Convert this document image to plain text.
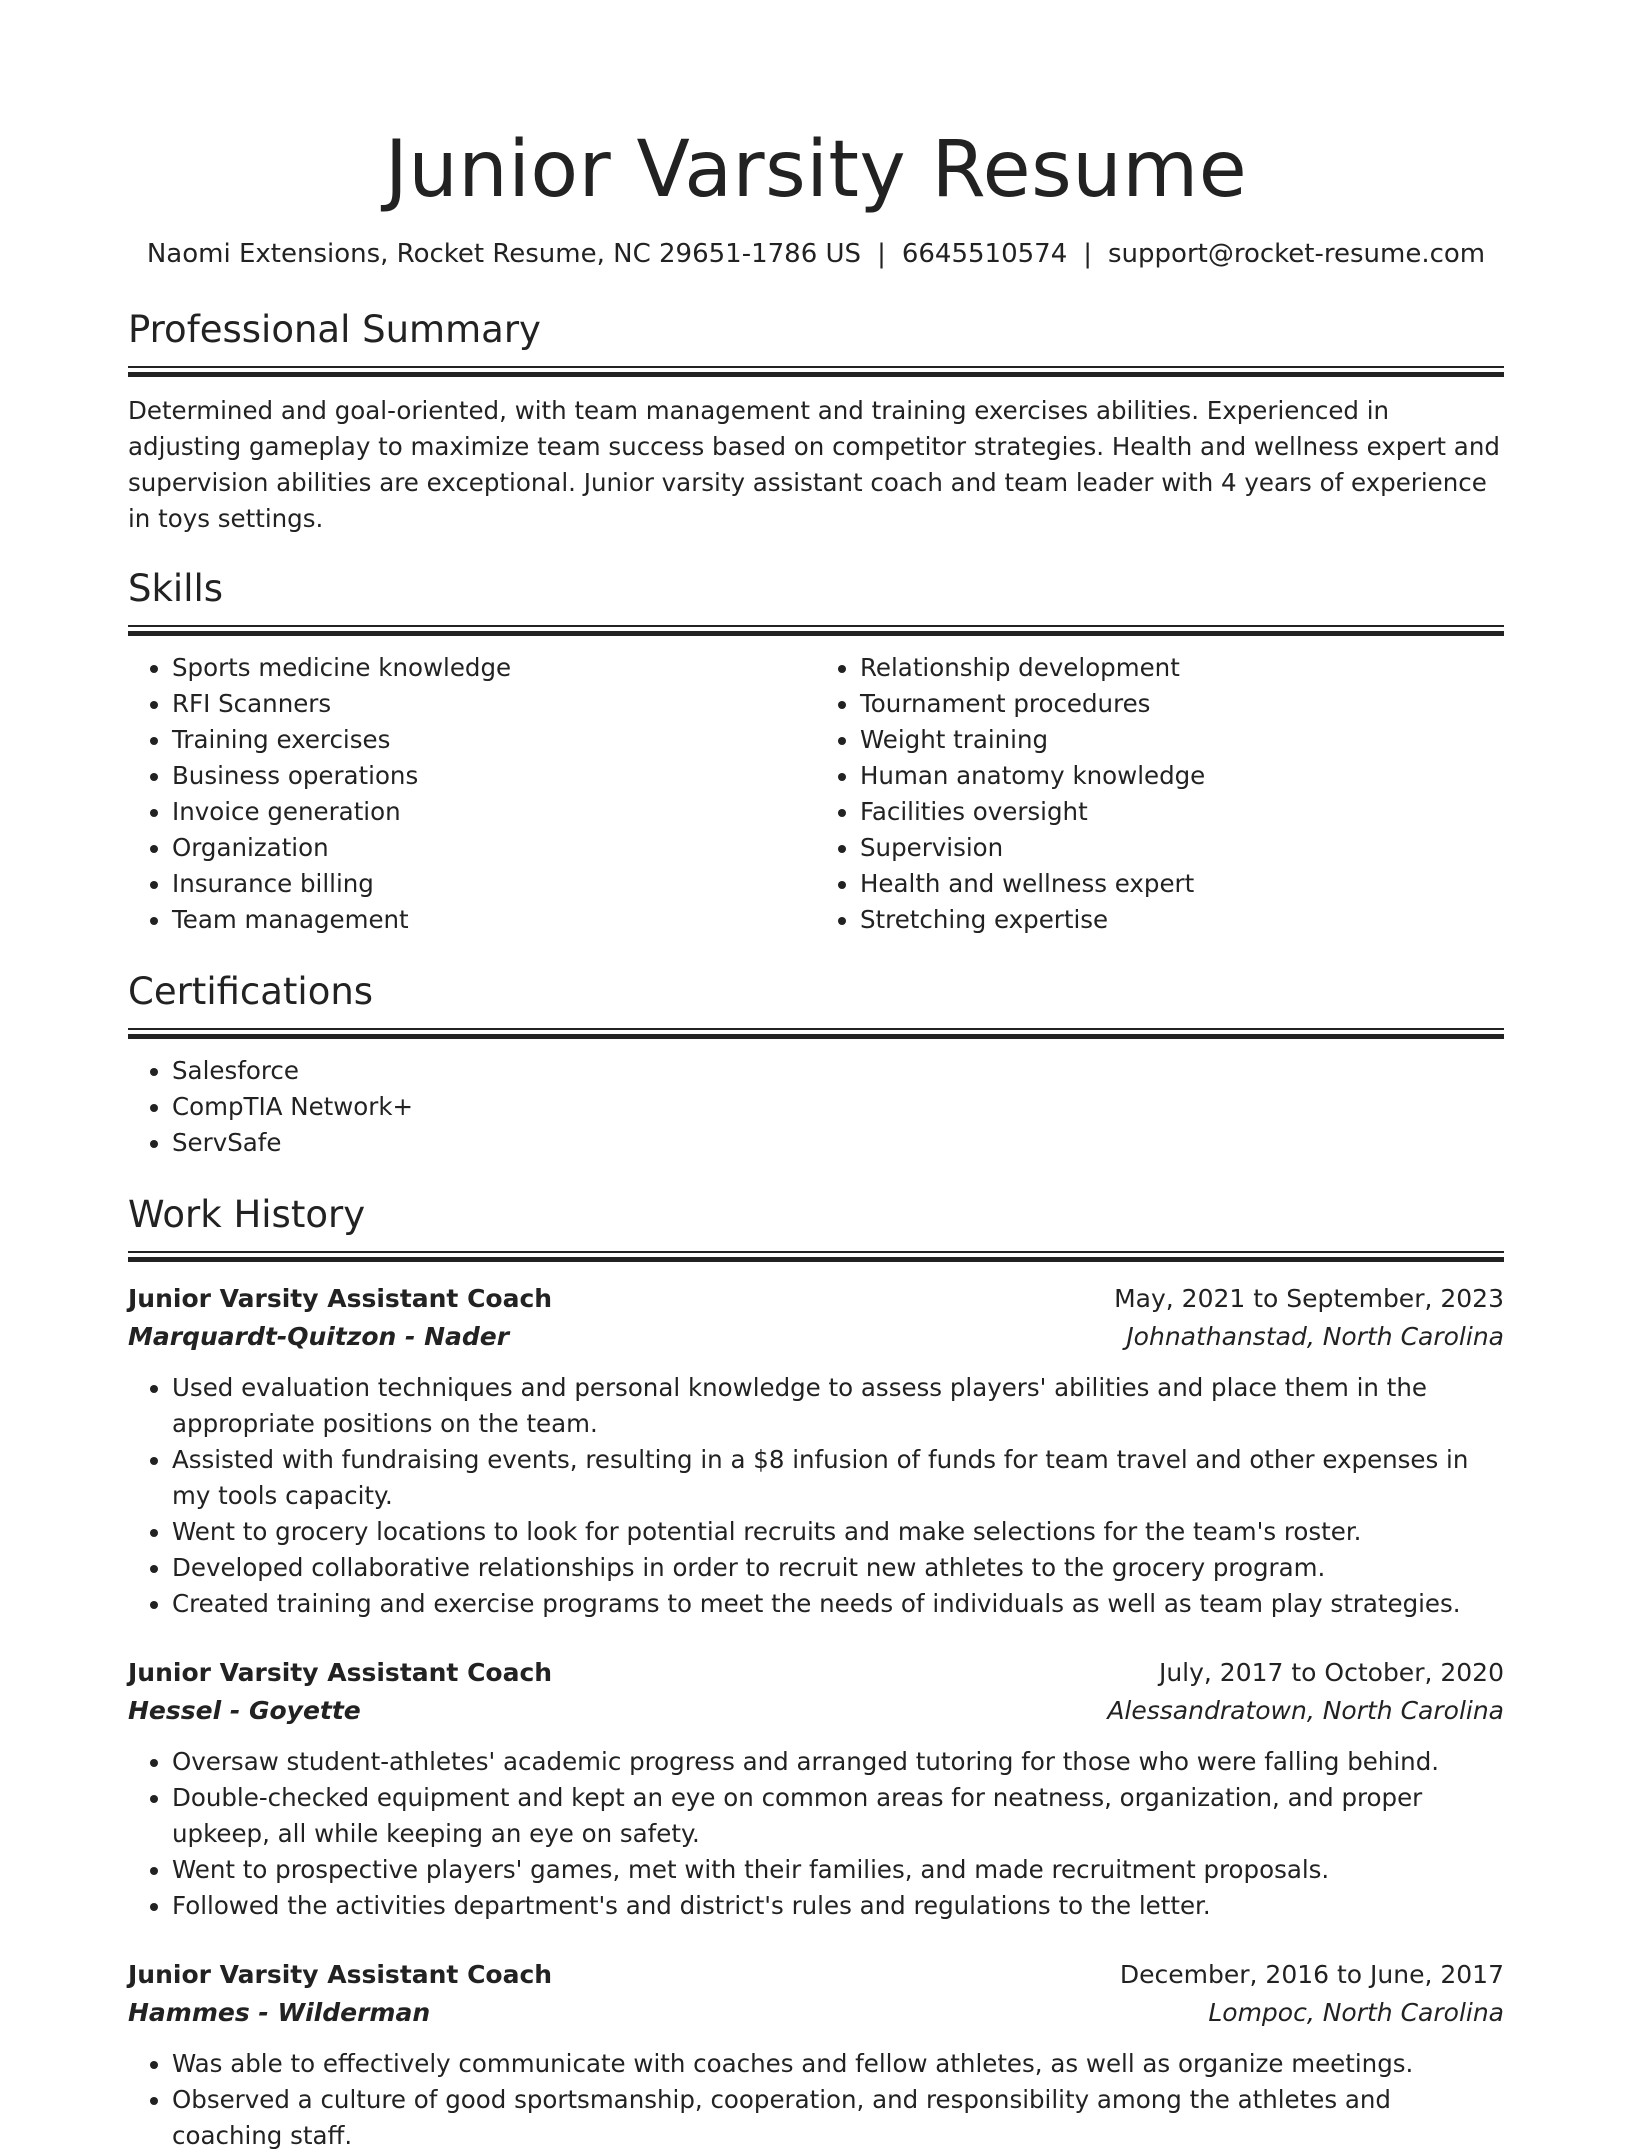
Junior Varsity Resume
Naomi Extensions, Rocket Resume, NC 29651-1786 US | 6645510574 | support@rocket-resume.com
Professional Summary

Determined and goal-oriented, with team management and training exercises abilities. Experienced in adjusting gameplay to maximize team success based on competitor strategies. Health and wellness expert and supervision abilities are exceptional. Junior varsity assistant coach and team leader with 4 years of experience in toys settings.

Skills
• Sports medicine knowledge
• RFI Scanners
• Training exercises
• Business operations
• Invoice generation
• Organization
• Insurance billing
• Team management
• Relationship development
• Tournament procedures
• Weight training
• Human anatomy knowledge
• Facilities oversight
• Supervision
• Health and wellness expert
• Stretching expertise
Certifications
• Salesforce
• CompTIA Network+
• ServSafe
Work History
Junior Varsity Assistant Coach	May, 2021 to September, 2023
Marquardt-Quitzon - Nader	Johnathanstad, North Carolina
• Used evaluation techniques and personal knowledge to assess players' abilities and place them in the appropriate positions on the team.
• Assisted with fundraising events, resulting in a $8 infusion of funds for team travel and other expenses in my tools capacity.
• Went to grocery locations to look for potential recruits and make selections for the team's roster.
• Developed collaborative relationships in order to recruit new athletes to the grocery program.
• Created training and exercise programs to meet the needs of individuals as well as team play strategies.
Junior Varsity Assistant Coach	July, 2017 to October, 2020
Hessel - Goyette	Alessandratown, North Carolina
• Oversaw student-athletes' academic progress and arranged tutoring for those who were falling behind.
• Double-checked equipment and kept an eye on common areas for neatness, organization, and proper upkeep, all while keeping an eye on safety.
• Went to prospective players' games, met with their families, and made recruitment proposals.
• Followed the activities department's and district's rules and regulations to the letter.
Junior Varsity Assistant Coach	December, 2016 to June, 2017
Hammes - Wilderman	Lompoc, North Carolina
• Was able to effectively communicate with coaches and fellow athletes, as well as organize meetings.
• Observed a culture of good sportsmanship, cooperation, and responsibility among the athletes and coaching staff.
